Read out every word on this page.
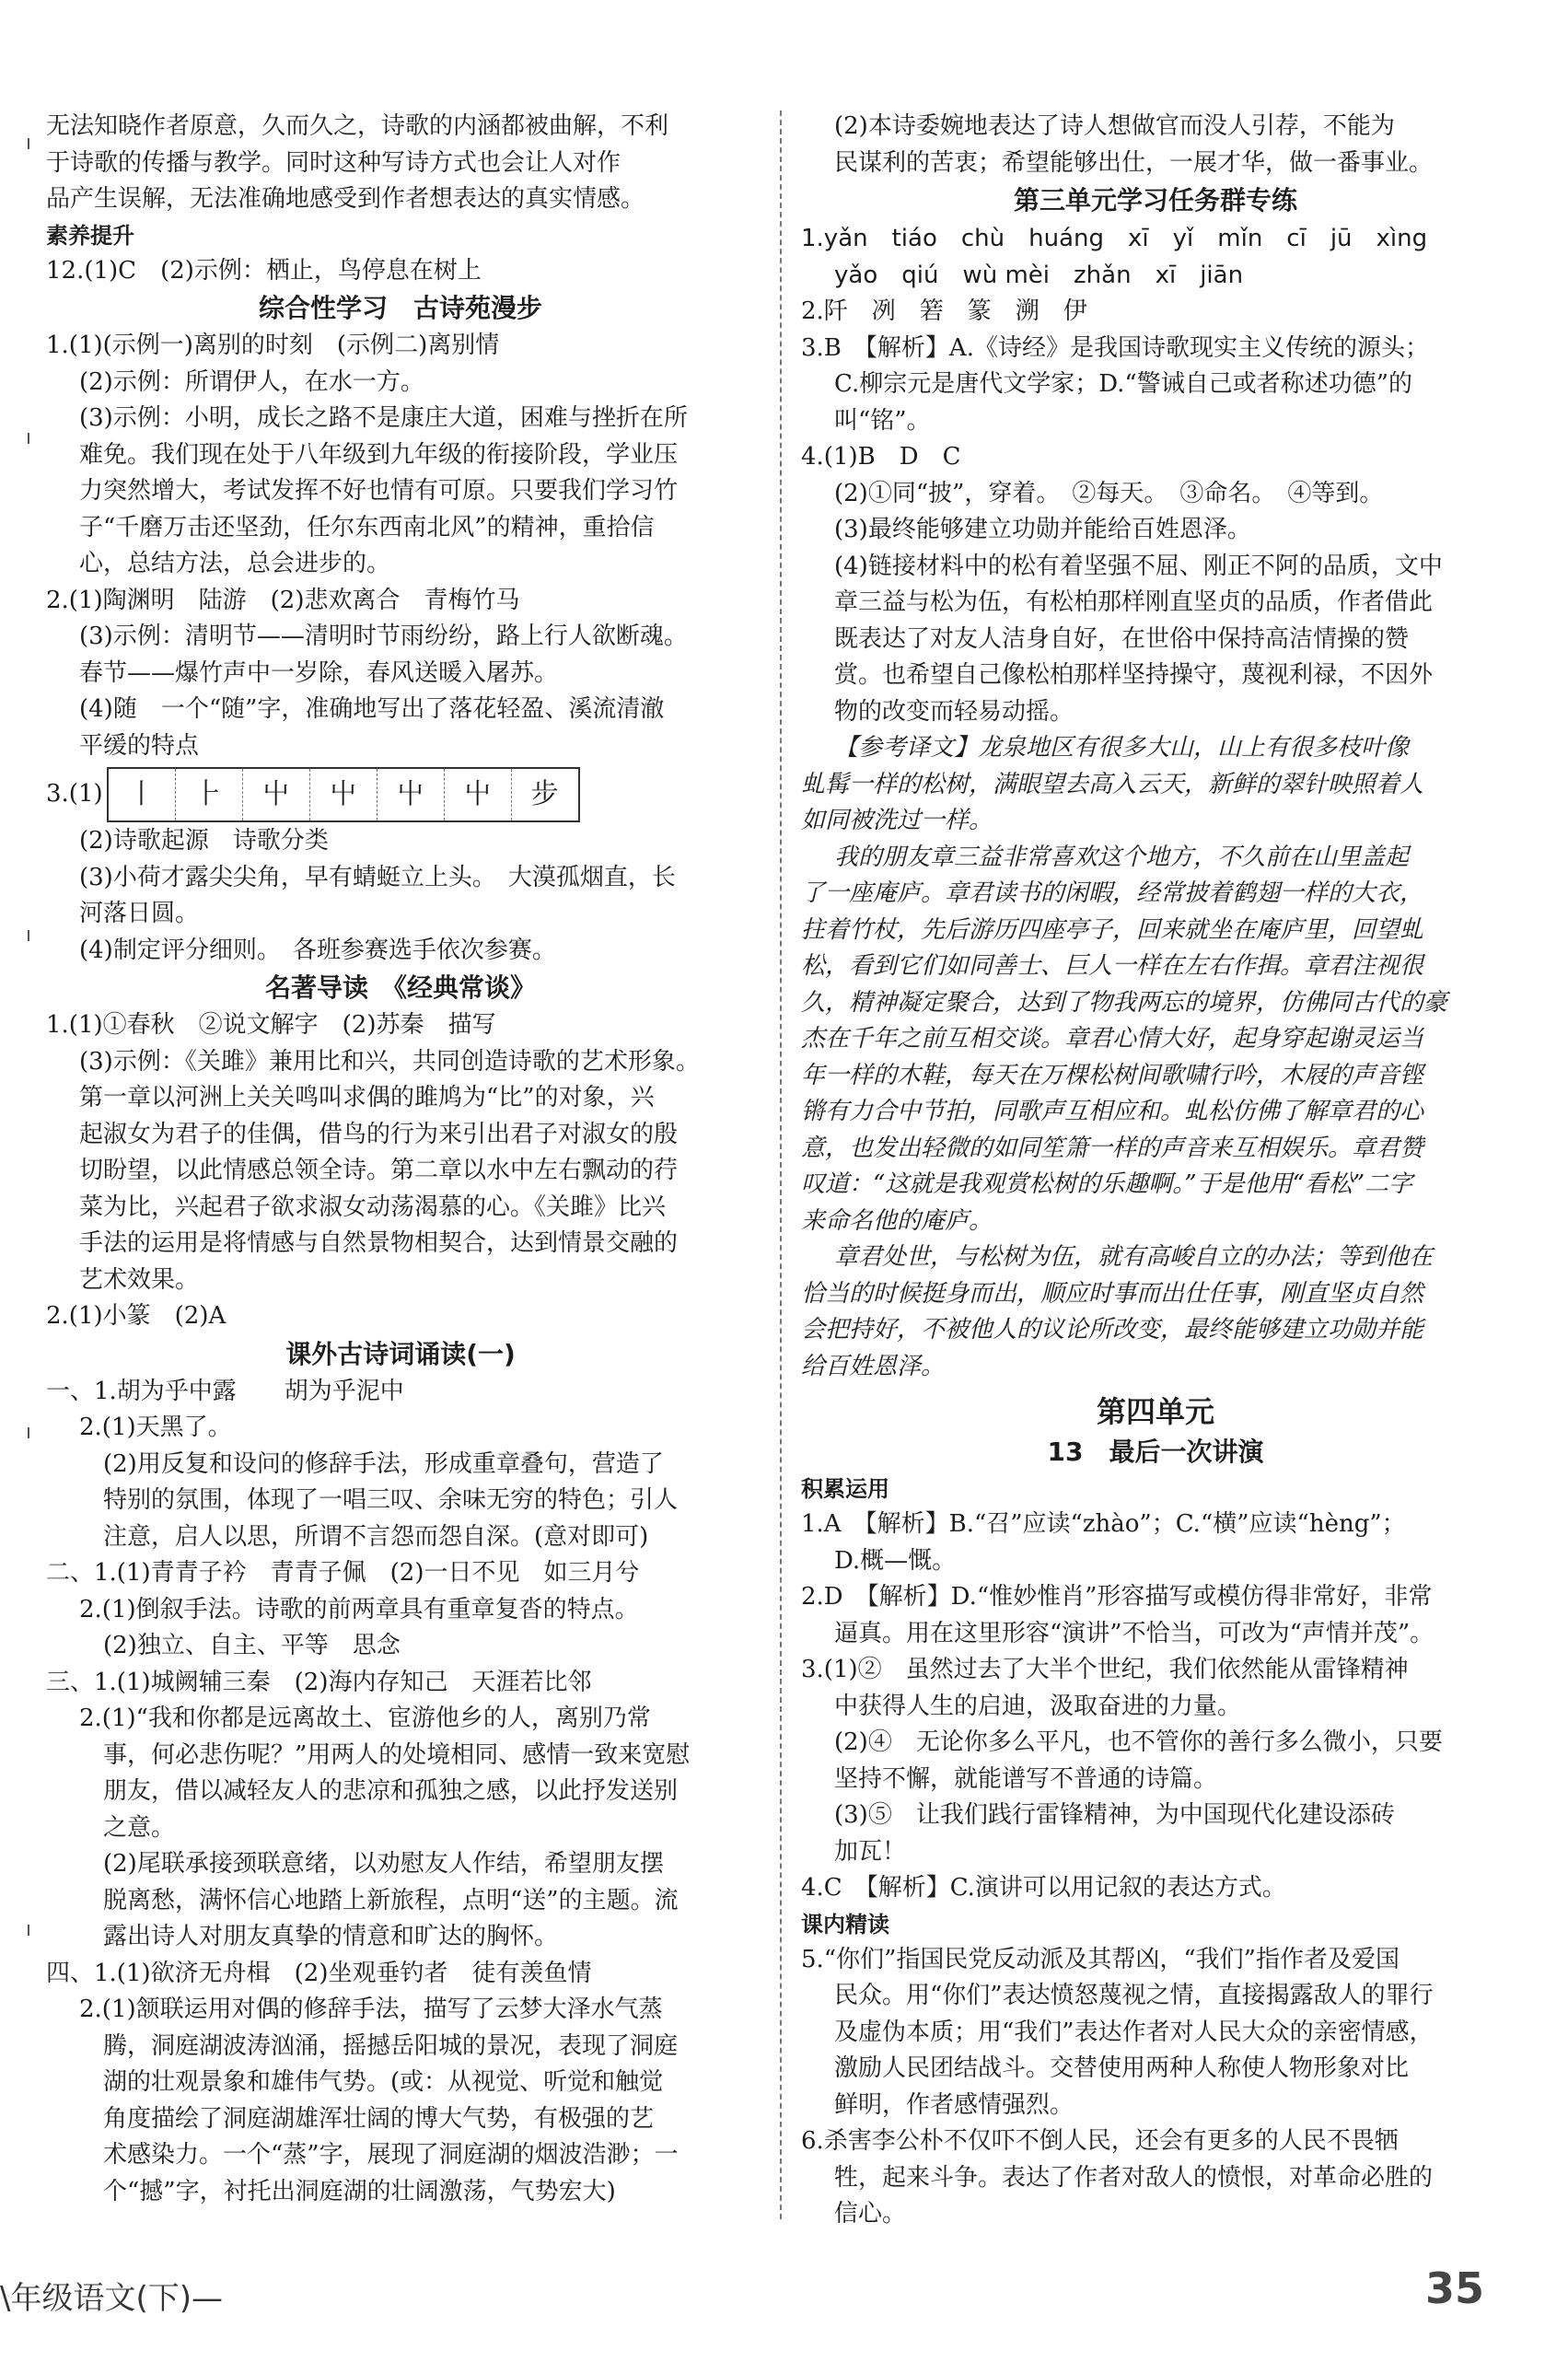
无法知晓作者原意，久而久之，诗歌的内涵都被曲解，不利
于诗歌的传播与教学。同时这种写诗方式也会让人对作
品产生误解，无法准确地感受到作者想表达的真实情感。
素养提升
12.(1)C　(2)示例：栖止，鸟停息在树上
综合性学习　古诗苑漫步
1.(1)(示例一)离别的时刻　(示例二)离别情
(2)示例：所谓伊人，在水一方。
(3)示例：小明，成长之路不是康庄大道，困难与挫折在所
难免。我们现在处于八年级到九年级的衔接阶段，学业压
力突然增大，考试发挥不好也情有可原。只要我们学习竹
子“千磨万击还坚劲，任尔东西南北风”的精神，重拾信
心，总结方法，总会进步的。
2.(1)陶渊明　陆游　(2)悲欢离合　青梅竹马
(3)示例：清明节——清明时节雨纷纷，路上行人欲断魂。
春节——爆竹声中一岁除，春风送暖入屠苏。
(4)随　一个“随”字，准确地写出了落花轻盈、溪流清澈
平缓的特点
3.(1) 丨	⺊	屮	屮	屮	屮	步
(2)诗歌起源　诗歌分类
(3)小荷才露尖尖角，早有蜻蜓立上头。　大漠孤烟直，长
河落日圆。
(4)制定评分细则。　各班参赛选手依次参赛。
名著导读　《经典常谈》
1.(1)①春秋　②说文解字　(2)苏秦　描写
(3)示例：《关雎》兼用比和兴，共同创造诗歌的艺术形象。
第一章以河洲上关关鸣叫求偶的雎鸠为“比”的对象，兴
起淑女为君子的佳偶，借鸟的行为来引出君子对淑女的殷
切盼望，以此情感总领全诗。第二章以水中左右飘动的荇
菜为比，兴起君子欲求淑女动荡渴慕的心。《关雎》比兴
手法的运用是将情感与自然景物相契合，达到情景交融的
艺术效果。
2.(1)小篆　(2)A
课外古诗词诵读(一)
一、1.胡为乎中露　　胡为乎泥中
2.(1)天黑了。
(2)用反复和设问的修辞手法，形成重章叠句，营造了
特别的氛围，体现了一唱三叹、余味无穷的特色；引人
注意，启人以思，所谓不言怨而怨自深。(意对即可)
二、1.(1)青青子衿　青青子佩　(2)一日不见　如三月兮
2.(1)倒叙手法。诗歌的前两章具有重章复沓的特点。
(2)独立、自主、平等　思念
三、1.(1)城阙辅三秦　(2)海内存知己　天涯若比邻
2.(1)“我和你都是远离故土、宦游他乡的人，离别乃常
事，何必悲伤呢？”用两人的处境相同、感情一致来宽慰
朋友，借以减轻友人的悲凉和孤独之感，以此抒发送别
之意。
(2)尾联承接颈联意绪，以劝慰友人作结，希望朋友摆
脱离愁，满怀信心地踏上新旅程，点明“送”的主题。流
露出诗人对朋友真挚的情意和旷达的胸怀。
四、1.(1)欲济无舟楫　(2)坐观垂钓者　徒有羡鱼情
2.(1)颔联运用对偶的修辞手法，描写了云梦大泽水气蒸
腾，洞庭湖波涛汹涌，摇撼岳阳城的景况，表现了洞庭
湖的壮观景象和雄伟气势。(或：从视觉、听觉和触觉
角度描绘了洞庭湖雄浑壮阔的博大气势，有极强的艺
术感染力。一个“蒸”字，展现了洞庭湖的烟波浩渺；一
个“撼”字，衬托出洞庭湖的壮阔激荡，气势宏大)
(2)本诗委婉地表达了诗人想做官而没人引荐，不能为
民谋利的苦衷；希望能够出仕，一展才华，做一番事业。
第三单元学习任务群专练
1.yǎn tiáo chù huáng xī yǐ mǐn cī jū xìng
yǎo qiú wù mèi zhǎn xī jiān
2.阡　冽　箬　篆　溯　伊
3.B　【解析】A.《诗经》是我国诗歌现实主义传统的源头；
C.柳宗元是唐代文学家；D.“警诫自己或者称述功德”的
叫“铭”。
4.(1)B　D　C
(2)①同“披”，穿着。　②每天。　③命名。　④等到。
(3)最终能够建立功勋并能给百姓恩泽。
(4)链接材料中的松有着坚强不屈、刚正不阿的品质，文中
章三益与松为伍，有松柏那样刚直坚贞的品质，作者借此
既表达了对友人洁身自好，在世俗中保持高洁情操的赞
赏。也希望自己像松柏那样坚持操守，蔑视利禄，不因外
物的改变而轻易动摇。
【参考译文】龙泉地区有很多大山，山上有很多枝叶像
虬髯一样的松树，满眼望去高入云天，新鲜的翠针映照着人
如同被洗过一样。
我的朋友章三益非常喜欢这个地方，不久前在山里盖起
了一座庵庐。章君读书的闲暇，经常披着鹤翅一样的大衣，
拄着竹杖，先后游历四座亭子，回来就坐在庵庐里，回望虬
松，看到它们如同善士、巨人一样在左右作揖。章君注视很
久，精神凝定聚合，达到了物我两忘的境界，仿佛同古代的豪
杰在千年之前互相交谈。章君心情大好，起身穿起谢灵运当
年一样的木鞋，每天在万棵松树间歌啸行吟，木屐的声音铿
锵有力合中节拍，同歌声互相应和。虬松仿佛了解章君的心
意，也发出轻微的如同笙箫一样的声音来互相娱乐。章君赞
叹道：“这就是我观赏松树的乐趣啊。”于是他用“看松”二字
来命名他的庵庐。
章君处世，与松树为伍，就有高峻自立的办法；等到他在
恰当的时候挺身而出，顺应时事而出仕任事，刚直坚贞自然
会把持好，不被他人的议论所改变，最终能够建立功勋并能
给百姓恩泽。
第四单元
13　最后一次讲演
积累运用
1.A　【解析】B.“召”应读“zhào”；C.“横”应读“hèng”；
D.概—慨。
2.D　【解析】D.“惟妙惟肖”形容描写或模仿得非常好，非常
逼真。用在这里形容“演讲”不恰当，可改为“声情并茂”。
3.(1)②　虽然过去了大半个世纪，我们依然能从雷锋精神
中获得人生的启迪，汲取奋进的力量。
(2)④　无论你多么平凡，也不管你的善行多么微小，只要
坚持不懈，就能谱写不普通的诗篇。
(3)⑤　让我们践行雷锋精神，为中国现代化建设添砖
加瓦！
4.C　【解析】C.演讲可以用记叙的表达方式。
课内精读
5.“你们”指国民党反动派及其帮凶，“我们”指作者及爱国
民众。用“你们”表达愤怒蔑视之情，直接揭露敌人的罪行
及虚伪本质；用“我们”表达作者对人民大众的亲密情感，
激励人民团结战斗。交替使用两种人称使人物形象对比
鲜明，作者感情强烈。
6.杀害李公朴不仅吓不倒人民，还会有更多的人民不畏牺
牲，起来斗争。表达了作者对敌人的愤恨，对革命必胜的
信心。
\年级语文(下)—	35
